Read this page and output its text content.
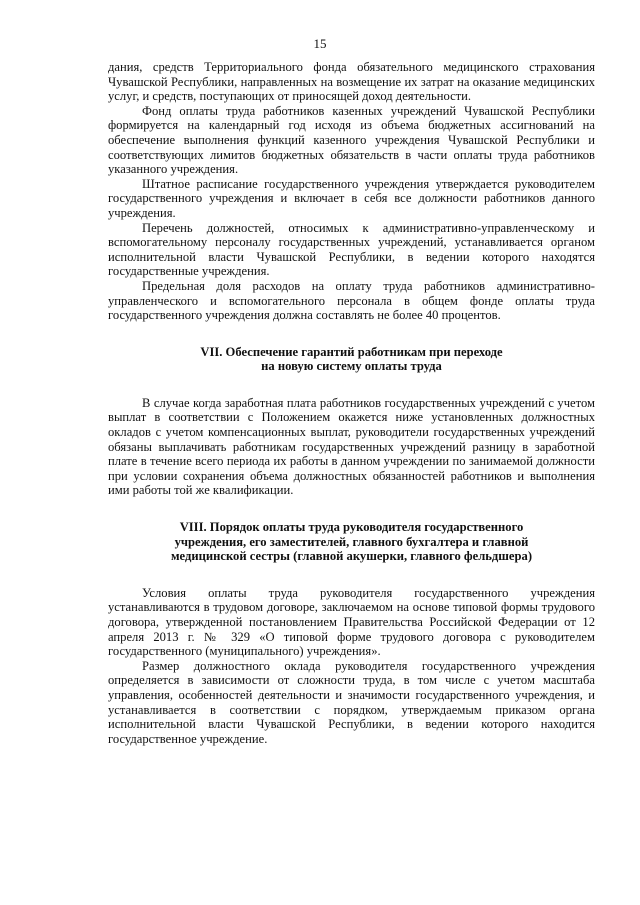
15

дания, средств Территориального фонда обязательного медицинского страхования Чувашской Республики, направленных на возмещение их затрат на оказание медицинских услуг, и средств, поступающих от приносящей доход деятельности.

Фонд оплаты труда работников казенных учреждений Чувашской Республики формируется на календарный год исходя из объема бюджетных ассигнований на обеспечение выполнения функций казенного учреждения Чувашской Республики и соответствующих лимитов бюджетных обязательств в части оплаты труда работников указанного учреждения.

Штатное расписание государственного учреждения утверждается руководителем государственного учреждения и включает в себя все должности работников данного учреждения.

Перечень должностей, относимых к административно-управленческому и вспомогательному персоналу государственных учреждений, устанавливается органом исполнительной власти Чувашской Республики, в ведении которого находятся государственные учреждения.

Предельная доля расходов на оплату труда работников административно-управленческого и вспомогательного персонала в общем фонде оплаты труда государственного учреждения должна составлять не более 40 процентов.

VII. Обеспечение гарантий работникам при переходе
на новую систему оплаты труда

В случае когда заработная плата работников государственных учреждений с учетом выплат в соответствии с Положением окажется ниже установленных должностных окладов с учетом компенсационных выплат, руководители государственных учреждений обязаны выплачивать работникам государственных учреждений разницу в заработной плате в течение всего периода их работы в данном учреждении по занимаемой должности при условии сохранения объема должностных обязанностей работников и выполнения ими работы той же квалификации.

VIII. Порядок оплаты труда руководителя государственного
учреждения, его заместителей, главного бухгалтера и главной
медицинской сестры (главной акушерки, главного фельдшера)

Условия оплаты труда руководителя государственного учреждения устанавливаются в трудовом договоре, заключаемом на основе типовой формы трудового договора, утвержденной постановлением Правительства Российской Федерации от 12 апреля 2013 г. № 329 «О типовой форме трудового договора с руководителем государственного (муниципального) учреждения».

Размер должностного оклада руководителя государственного учреждения определяется в зависимости от сложности труда, в том числе с учетом масштаба управления, особенностей деятельности и значимости государственного учреждения, и устанавливается в соответствии с порядком, утверждаемым приказом органа исполнительной власти Чувашской Республики, в ведении которого находится государственное учреждение.
